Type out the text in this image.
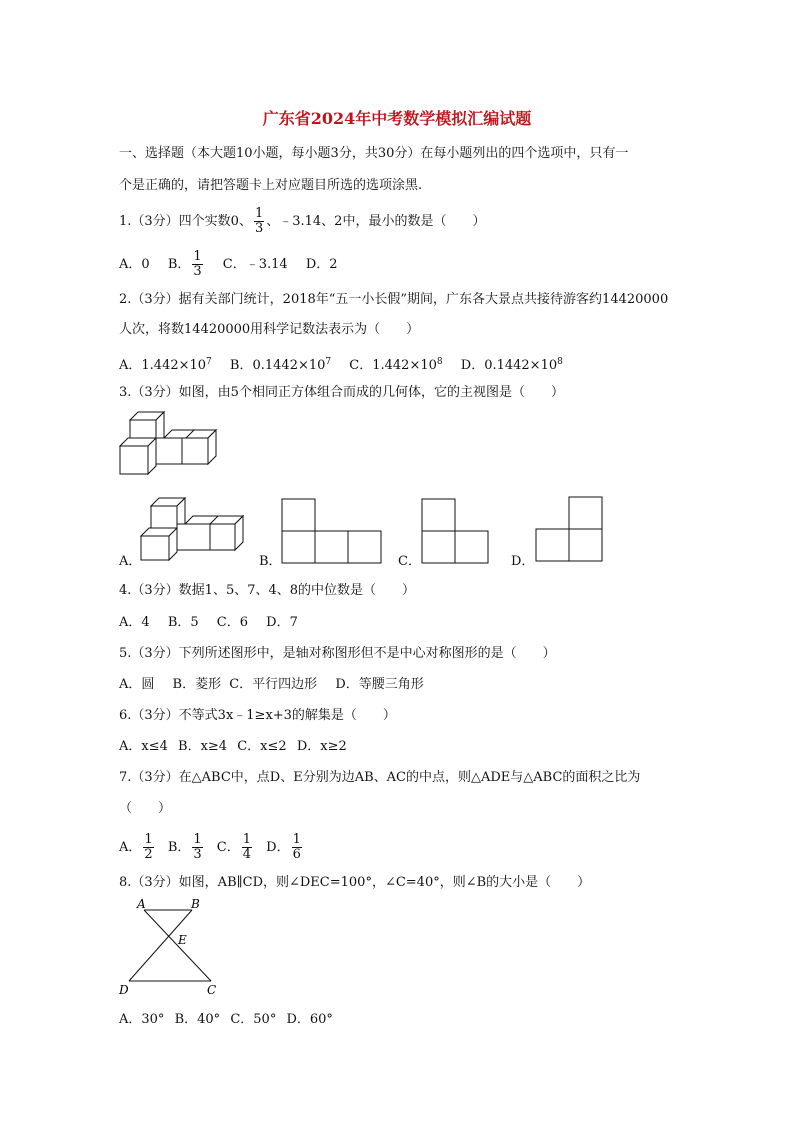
广东省2024年中考数学模拟汇编试题
一、选择题（本大题10小题，每小题3分，共30分）在每小题列出的四个选项中，只有一
个是正确的，请把答题卡上对应题目所选的选项涂黑.
1.（3分）四个实数0、 $\frac{1}{3}$ 、﹣3.14、2中，最小的数是（　　）
A．0 B． $\frac{1}{3}$ C．﹣3.14 D．2
2.（3分）据有关部门统计，2018年“五一小长假”期间，广东各大景点共接待游客约14420000
人次，将数14420000用科学记数法表示为（　　）
A．$1.442\times 10^7$ B．$0.1442\times 10^7$ C．$1.442\times 10^8$ D．$0.1442\times 10^8$
3.（3分）如图，由5个相同正方体组合而成的几何体，它的主视图是（　　）
A．	B．	C．	D．
4.（3分）数据1、5、7、4、8的中位数是（　　）
A．4 B．5 C．6 D．7
5.（3分）下列所述图形中，是轴对称图形但不是中心对称图形的是（　　）
A．圆 B．菱形 C．平行四边形 D．等腰三角形
6.（3分）不等式3x﹣1≥x+3的解集是（　　）
A．x≤4 B．x≥4 C．x≤2 D．x≥2
7.（3分）在△ABC中，点D、E分别为边AB、AC的中点，则△ADE与△ABC的面积之比为
（　　）
A． $\frac{1}{2}$ B． $\frac{1}{3}$ C． $\frac{1}{4}$ D． $\frac{1}{6}$
8.（3分）如图，AB∥CD，则∠DEC=100°，∠C=40°，则∠B的大小是（　　）
A	B
E
D	C
A．30° B．40° C．50° D．60°
